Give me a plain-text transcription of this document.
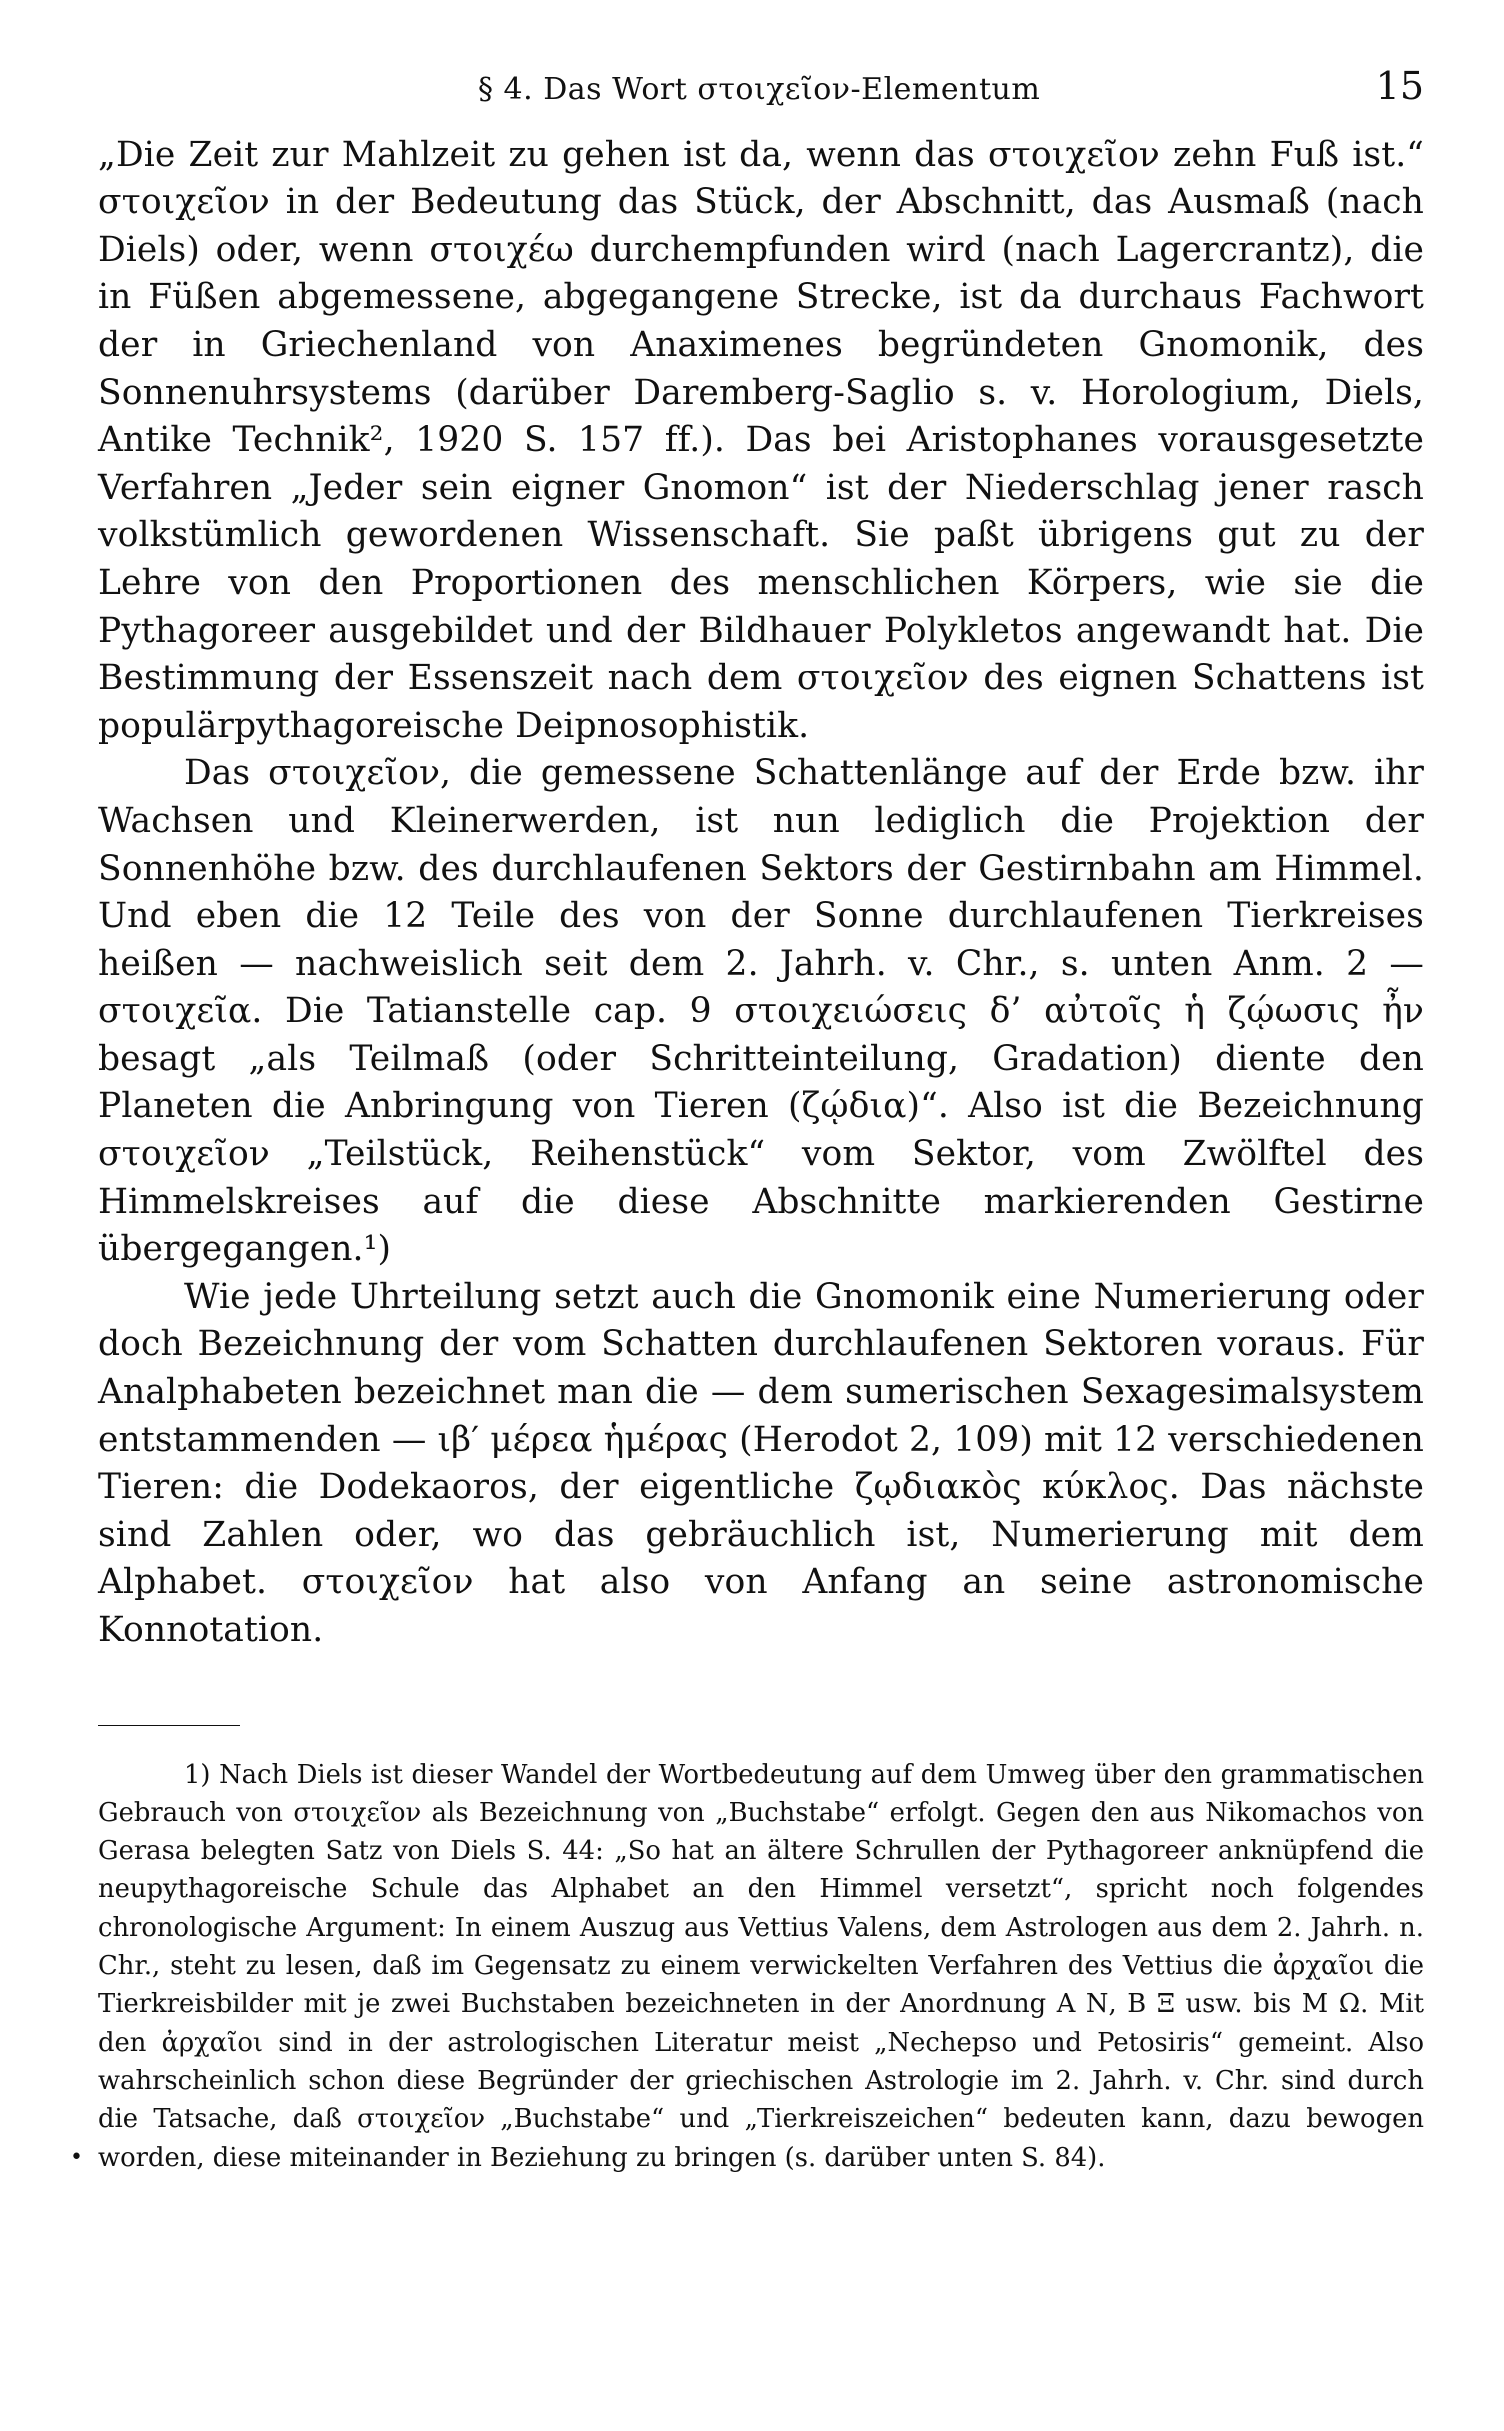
§ 4. Das Wort στοιχεῖον-Elementum	15

„Die Zeit zur Mahlzeit zu gehen ist da, wenn das στοιχεῖον zehn Fuß ist.“ στοιχεῖον in der Bedeutung das Stück, der Abschnitt, das Ausmaß (nach Diels) oder, wenn στοιχέω durchempfunden wird (nach Lagercrantz), die in Füßen abgemessene, abgegangene Strecke, ist da durchaus Fachwort der in Griechenland von Anaximenes begründeten Gnomonik, des Sonnenuhrsystems (darüber Daremberg-Saglio s. v. Horologium, Diels, Antike Technik², 1920 S. 157 ff.). Das bei Aristophanes vorausgesetzte Verfahren „Jeder sein eigner Gnomon“ ist der Niederschlag jener rasch volkstümlich gewordenen Wissenschaft. Sie paßt übrigens gut zu der Lehre von den Proportionen des menschlichen Körpers, wie sie die Pythagoreer ausgebildet und der Bildhauer Polykletos angewandt hat. Die Bestimmung der Essenszeit nach dem στοιχεῖον des eignen Schattens ist populärpythagoreische Deipnosophistik.

Das στοιχεῖον, die gemessene Schattenlänge auf der Erde bzw. ihr Wachsen und Kleinerwerden, ist nun lediglich die Projektion der Sonnenhöhe bzw. des durchlaufenen Sektors der Gestirnbahn am Himmel. Und eben die 12 Teile des von der Sonne durchlaufenen Tierkreises heißen — nachweislich seit dem 2. Jahrh. v. Chr., s. unten Anm. 2 — στοιχεῖα. Die Tatianstelle cap. 9 στοιχειώσεις δ’ αὐτοῖς ἡ ζῴωσις ἦν besagt „als Teilmaß (oder Schritteinteilung, Gradation) diente den Planeten die Anbringung von Tieren (ζῴδια)“. Also ist die Bezeichnung στοιχεῖον „Teilstück, Reihenstück“ vom Sektor, vom Zwölftel des Himmelskreises auf die diese Abschnitte markierenden Gestirne übergegangen.¹)

Wie jede Uhrteilung setzt auch die Gnomonik eine Numerierung oder doch Bezeichnung der vom Schatten durchlaufenen Sektoren voraus. Für Analphabeten bezeichnet man die — dem sumerischen Sexagesimalsystem entstammenden — ιβ′ μέρεα ἡμέρας (Herodot 2, 109) mit 12 verschiedenen Tieren: die Dodekaoros, der eigentliche ζῳδιακὸς κύκλος. Das nächste sind Zahlen oder, wo das gebräuchlich ist, Numerierung mit dem Alphabet. στοιχεῖον hat also von Anfang an seine astronomische Konnotation.

•
1) Nach Diels ist dieser Wandel der Wortbedeutung auf dem Umweg über den grammatischen Gebrauch von στοιχεῖον als Bezeichnung von „Buchstabe“ erfolgt. Gegen den aus Nikomachos von Gerasa belegten Satz von Diels S. 44: „So hat an ältere Schrullen der Pythagoreer anknüpfend die neupythagoreische Schule das Alphabet an den Himmel versetzt“, spricht noch folgendes chronologische Argument: In einem Auszug aus Vettius Valens, dem Astrologen aus dem 2. Jahrh. n. Chr., steht zu lesen, daß im Gegensatz zu einem verwickelten Verfahren des Vettius die ἀρχαῖοι die Tierkreisbilder mit je zwei Buchstaben bezeichneten in der Anordnung Α Ν, Β Ξ usw. bis Μ Ω. Mit den ἀρχαῖοι sind in der astrologischen Literatur meist „Nechepso und Petosiris“ gemeint. Also wahrscheinlich schon diese Begründer der griechischen Astrologie im 2. Jahrh. v. Chr. sind durch die Tatsache, daß στοιχεῖον „Buchstabe“ und „Tierkreiszeichen“ bedeuten kann, dazu bewogen worden, diese miteinander in Beziehung zu bringen (s. darüber unten S. 84).
